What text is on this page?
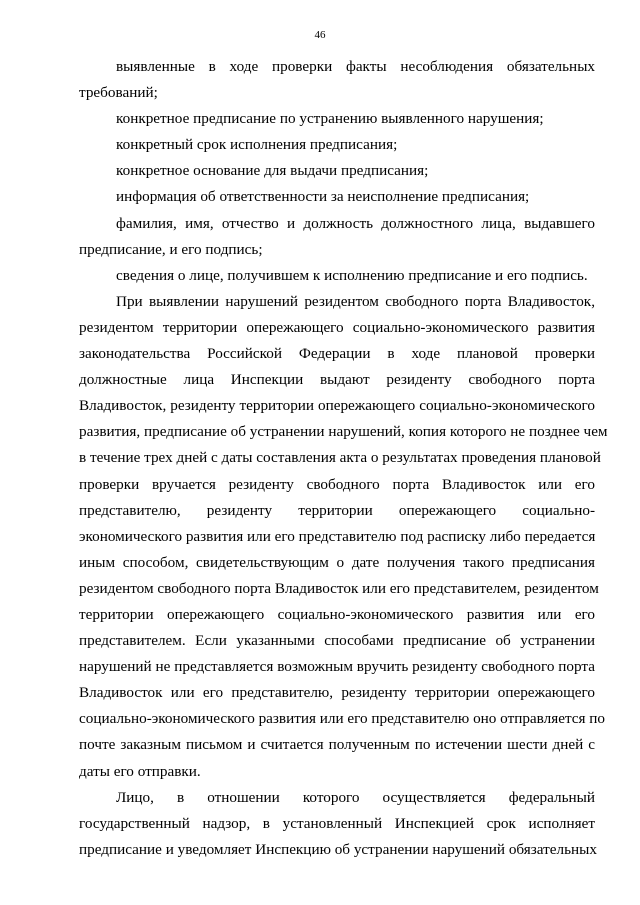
46
выявленные в ходе проверки факты несоблюдения обязательных
требований;
конкретное предписание по устранению выявленного нарушения;
конкретный срок исполнения предписания;
конкретное основание для выдачи предписания;
информация об ответственности за неисполнение предписания;
фамилия, имя, отчество и должность должностного лица, выдавшего
предписание, и его подпись;
сведения о лице, получившем к исполнению предписание и его подпись.
При выявлении нарушений резидентом свободного порта Владивосток,
резидентом территории опережающего социально-экономического развития
законодательства Российской Федерации в ходе плановой проверки
должностные лица Инспекции выдают резиденту свободного порта
Владивосток, резиденту территории опережающего социально-экономического
развития, предписание об устранении нарушений, копия которого не позднее чем
в течение трех дней с даты составления акта о результатах проведения плановой
проверки вручается резиденту свободного порта Владивосток или его
представителю, резиденту территории опережающего социально-
экономического развития или его представителю под расписку либо передается
иным способом, свидетельствующим о дате получения такого предписания
резидентом свободного порта Владивосток или его представителем, резидентом
территории опережающего социально-экономического развития или его
представителем. Если указанными способами предписание об устранении
нарушений не представляется возможным вручить резиденту свободного порта
Владивосток или его представителю, резиденту территории опережающего
социально-экономического развития или его представителю оно отправляется по
почте заказным письмом и считается полученным по истечении шести дней с
даты его отправки.
Лицо, в отношении которого осуществляется федеральный
государственный надзор, в установленный Инспекцией срок исполняет
предписание и уведомляет Инспекцию об устранении нарушений обязательных
